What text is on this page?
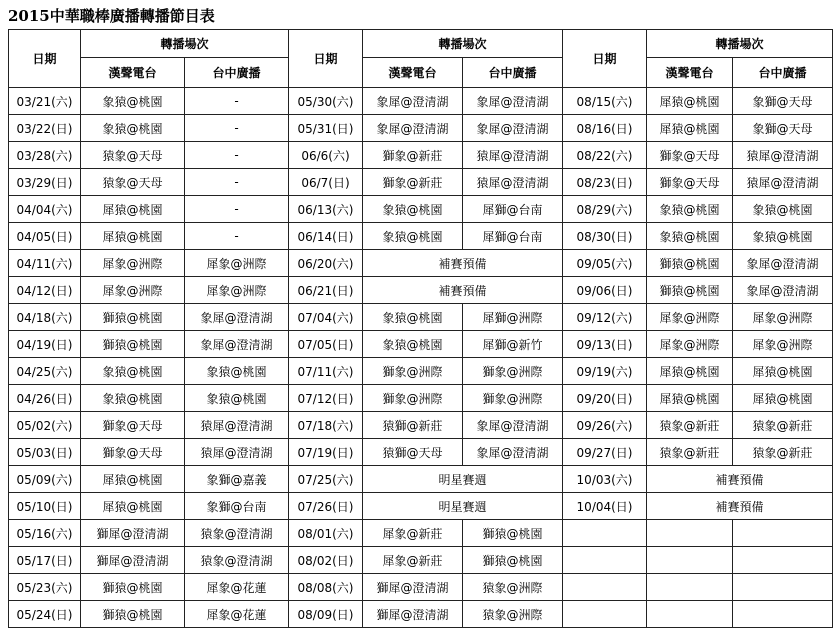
2015中華職棒廣播轉播節目表
日期	轉播場次		日期	轉播場次		日期	轉播場次	
	漢聲電台	台中廣播		漢聲電台	台中廣播		漢聲電台	台中廣播
03/21(六)	象猿@桃園	-	05/30(六)	象犀@澄清湖	象犀@澄清湖	08/15(六)	犀猿@桃園	象獅@天母
03/22(日)	象猿@桃園	-	05/31(日)	象犀@澄清湖	象犀@澄清湖	08/16(日)	犀猿@桃園	象獅@天母
03/28(六)	猿象@天母	-	06/6(六)	獅象@新莊	猿犀@澄清湖	08/22(六)	獅象@天母	猿犀@澄清湖
03/29(日)	猿象@天母	-	06/7(日)	獅象@新莊	猿犀@澄清湖	08/23(日)	獅象@天母	猿犀@澄清湖
04/04(六)	犀猿@桃園	-	06/13(六)	象猿@桃園	犀獅@台南	08/29(六)	象猿@桃園	象猿@桃園
04/05(日)	犀猿@桃園	-	06/14(日)	象猿@桃園	犀獅@台南	08/30(日)	象猿@桃園	象猿@桃園
04/11(六)	犀象@洲際	犀象@洲際	06/20(六)	補賽預備		09/05(六)	獅猿@桃園	象犀@澄清湖
04/12(日)	犀象@洲際	犀象@洲際	06/21(日)	補賽預備		09/06(日)	獅猿@桃園	象犀@澄清湖
04/18(六)	獅猿@桃園	象犀@澄清湖	07/04(六)	象猿@桃園	犀獅@洲際	09/12(六)	犀象@洲際	犀象@洲際
04/19(日)	獅猿@桃園	象犀@澄清湖	07/05(日)	象猿@桃園	犀獅@新竹	09/13(日)	犀象@洲際	犀象@洲際
04/25(六)	象猿@桃園	象猿@桃園	07/11(六)	獅象@洲際	獅象@洲際	09/19(六)	犀猿@桃園	犀猿@桃園
04/26(日)	象猿@桃園	象猿@桃園	07/12(日)	獅象@洲際	獅象@洲際	09/20(日)	犀猿@桃園	犀猿@桃園
05/02(六)	獅象@天母	猿犀@澄清湖	07/18(六)	猿獅@新莊	象犀@澄清湖	09/26(六)	猿象@新莊	猿象@新莊
05/03(日)	獅象@天母	猿犀@澄清湖	07/19(日)	猿獅@天母	象犀@澄清湖	09/27(日)	猿象@新莊	猿象@新莊
05/09(六)	犀猿@桃園	象獅@嘉義	07/25(六)	明星賽週		10/03(六)	補賽預備	
05/10(日)	犀猿@桃園	象獅@台南	07/26(日)	明星賽週		10/04(日)	補賽預備	
05/16(六)	獅犀@澄清湖	猿象@澄清湖	08/01(六)	犀象@新莊	獅猿@桃園			
05/17(日)	獅犀@澄清湖	猿象@澄清湖	08/02(日)	犀象@新莊	獅猿@桃園			
05/23(六)	獅猿@桃園	犀象@花蓮	08/08(六)	獅犀@澄清湖	猿象@洲際			
05/24(日)	獅猿@桃園	犀象@花蓮	08/09(日)	獅犀@澄清湖	猿象@洲際			
